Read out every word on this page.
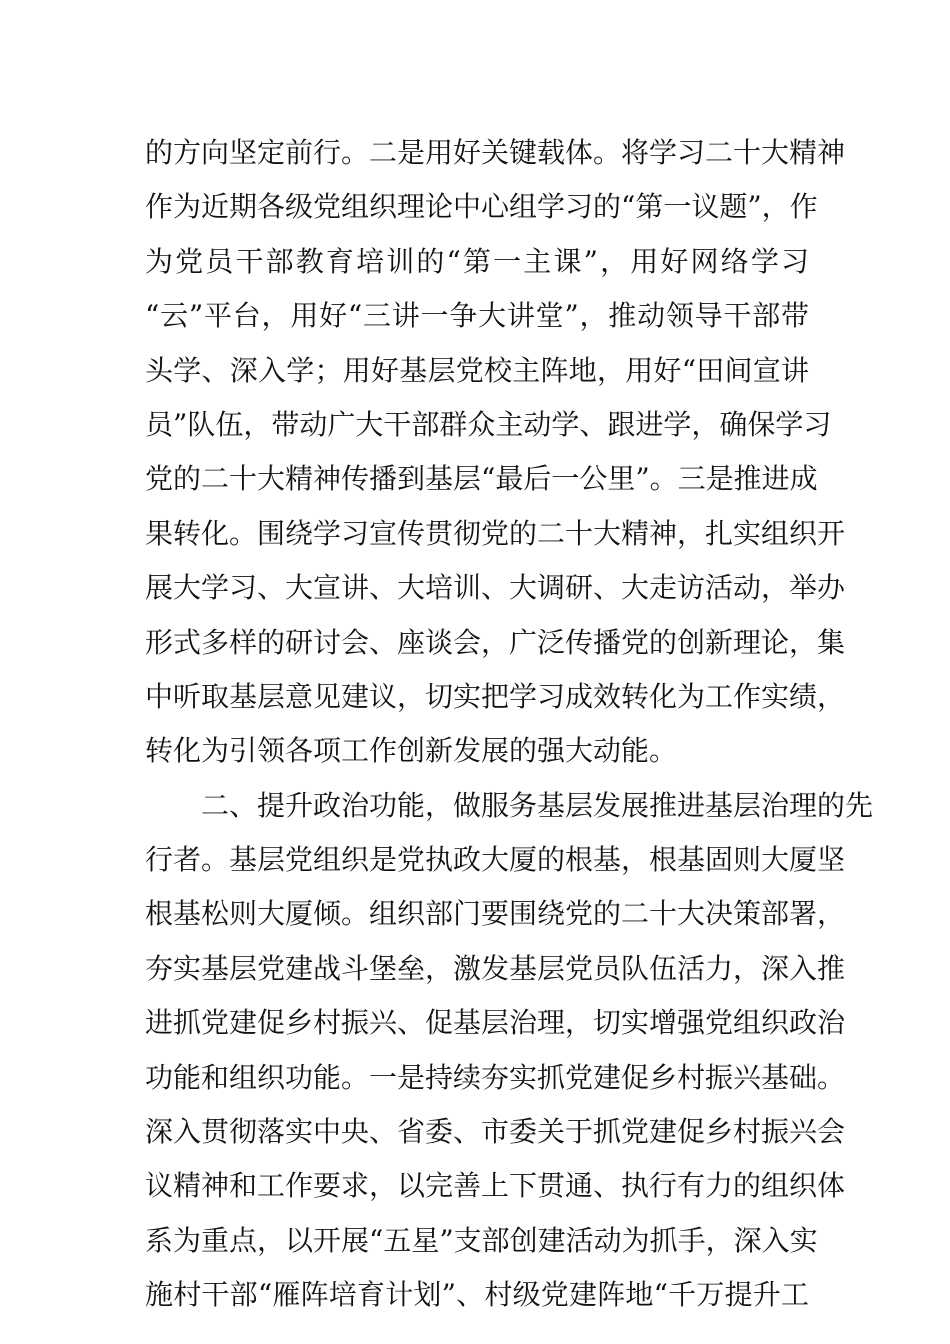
的方向坚定前行。二是用好关键载体。将学习二十大精神
作为近期各级党组织理论中心组学习的“第一议题”，作
为党员干部教育培训的“第一主课”，用好网络学习
“云”平台，用好“三讲一争大讲堂”，推动领导干部带
头学、深入学；用好基层党校主阵地，用好“田间宣讲
员”队伍，带动广大干部群众主动学、跟进学，确保学习
党的二十大精神传播到基层“最后一公里”。三是推进成
果转化。围绕学习宣传贯彻党的二十大精神，扎实组织开
展大学习、大宣讲、大培训、大调研、大走访活动，举办
形式多样的研讨会、座谈会，广泛传播党的创新理论，集
中听取基层意见建议，切实把学习成效转化为工作实绩，
转化为引领各项工作创新发展的强大动能。
二、提升政治功能，做服务基层发展推进基层治理的先
行者。基层党组织是党执政大厦的根基，根基固则大厦坚
根基松则大厦倾。组织部门要围绕党的二十大决策部署，
夯实基层党建战斗堡垒，激发基层党员队伍活力，深入推
进抓党建促乡村振兴、促基层治理，切实增强党组织政治
功能和组织功能。一是持续夯实抓党建促乡村振兴基础。
深入贯彻落实中央、省委、市委关于抓党建促乡村振兴会
议精神和工作要求，以完善上下贯通、执行有力的组织体
系为重点，以开展“五星”支部创建活动为抓手，深入实
施村干部“雁阵培育计划”、村级党建阵地“千万提升工
